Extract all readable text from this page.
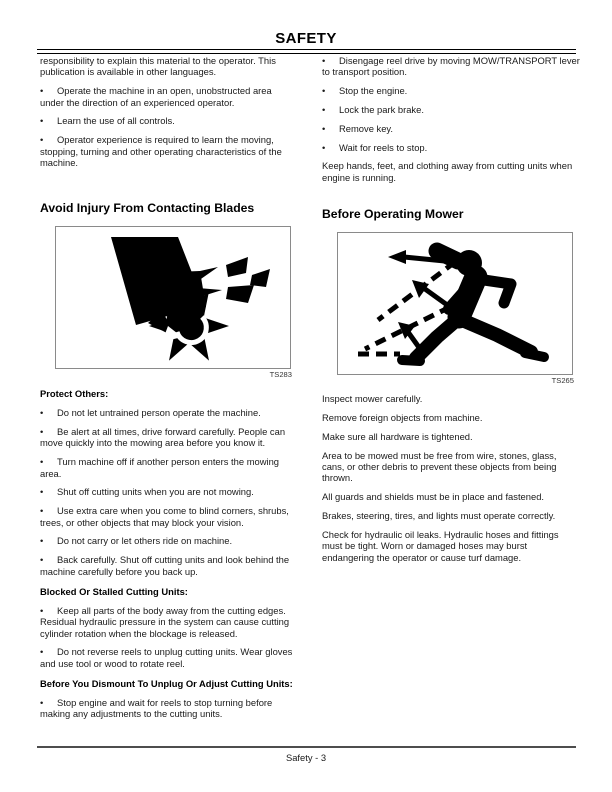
SAFETY

responsibility to explain this material to the operator. This publication is available in other languages.

• Operate the machine in an open, unobstructed area under the direction of an experienced operator.

• Learn the use of all controls.

• Operator experience is required to learn the moving, stopping, turning and other operating characteristics of the machine.

Avoid Injury From Contacting Blades
TS283
Protect Others:

• Do not let untrained person operate the machine.

• Be alert at all times, drive forward carefully. People can move quickly into the mowing area before you know it.

• Turn machine off if another person enters the mowing area.

• Shut off cutting units when you are not mowing.

• Use extra care when you come to blind corners, shrubs, trees, or other objects that may block your vision.

• Do not carry or let others ride on machine.

• Back carefully. Shut off cutting units and look behind the machine carefully before you back up.

Blocked Or Stalled Cutting Units:

• Keep all parts of the body away from the cutting edges. Residual hydraulic pressure in the system can cause cutting cylinder rotation when the blockage is released.

• Do not reverse reels to unplug cutting units. Wear gloves and use tool or wood to rotate reel.

Before You Dismount To Unplug Or Adjust Cutting Units:

• Stop engine and wait for reels to stop turning before making any adjustments to the cutting units.

• Disengage reel drive by moving MOW/TRANSPORT lever to transport position.

• Stop the engine.

• Lock the park brake.

• Remove key.

• Wait for reels to stop.

Keep hands, feet, and clothing away from cutting units when engine is running.

Before Operating Mower
TS265

Inspect mower carefully.

Remove foreign objects from machine.

Make sure all hardware is tightened.

Area to be mowed must be free from wire, stones, glass, cans, or other debris to prevent these objects from being thrown.

All guards and shields must be in place and fastened.

Brakes, steering, tires, and lights must operate correctly.

Check for hydraulic oil leaks. Hydraulic hoses and fittings must be tight. Worn or damaged hoses may burst endangering the operator or cause turf damage.

Safety - 3
